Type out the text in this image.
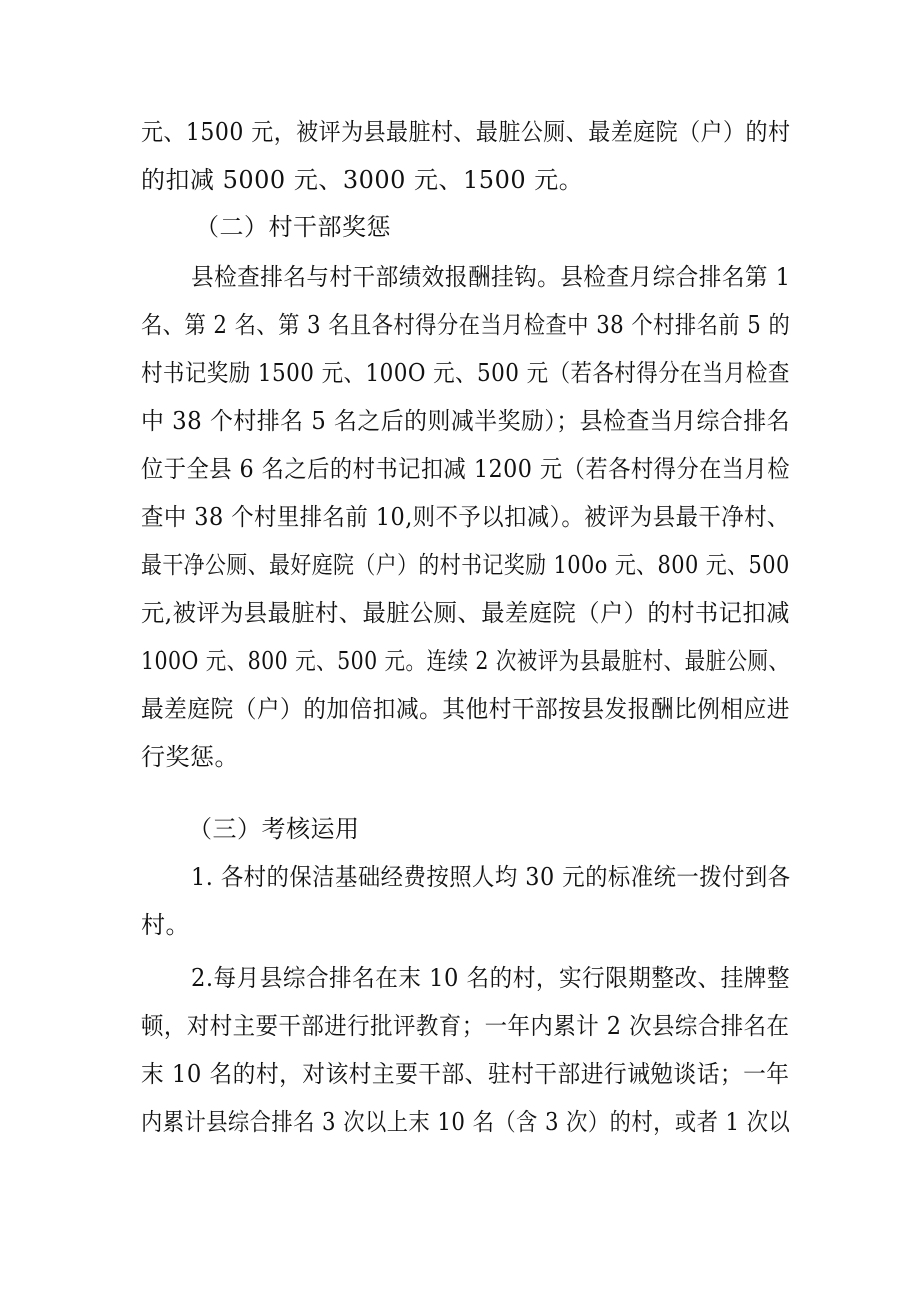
元、1500 元，被评为县最脏村、最脏公厕、最差庭院（户）的村
的扣减 5000 元、3000 元、1500 元。
（二）村干部奖惩
县检查排名与村干部绩效报酬挂钩。县检查月综合排名第 1
名、第 2 名、第 3 名且各村得分在当月检查中 38 个村排名前 5 的
村书记奖励 1500 元、100O 元、500 元（若各村得分在当月检查
中 38 个村排名 5 名之后的则减半奖励）；县检查当月综合排名
位于全县 6 名之后的村书记扣减 1200 元（若各村得分在当月检
查中 38 个村里排名前 10,则不予以扣减）。被评为县最干净村、
最干净公厕、最好庭院（户）的村书记奖励 100o 元、800 元、500
元,被评为县最脏村、最脏公厕、最差庭院（户）的村书记扣减
100O 元、800 元、500 元。连续 2 次被评为县最脏村、最脏公厕、
最差庭院（户）的加倍扣减。其他村干部按县发报酬比例相应进
行奖惩。
（三）考核运用
1. 各村的保洁基础经费按照人均 30 元的标准统一拨付到各
村。
2.每月县综合排名在末 10 名的村，实行限期整改、挂牌整
顿，对村主要干部进行批评教育；一年内累计 2 次县综合排名在
末 10 名的村，对该村主要干部、驻村干部进行诫勉谈话；一年
内累计县综合排名 3 次以上末 10 名（含 3 次）的村，或者 1 次以
